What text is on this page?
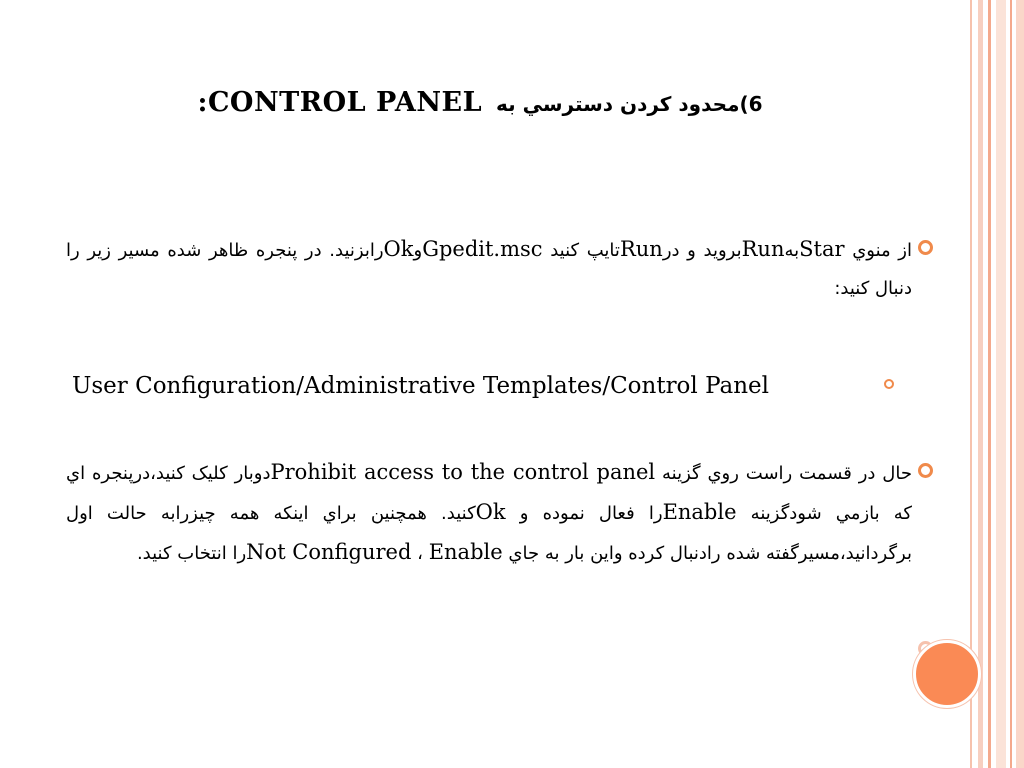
6)محدود كردن دسترسي به  CONTROL PANEL:
از منوي StarبهRunبروید و درRunتایپ کنید Gpedit.mscوOkرابزنید. در پنجره ظاهر شده مسیر زیر را دنبال کنید:
User Configuration/Administrative Templates/Control Panel
حال در قسمت راست روي گزينه Prohibit access to the control panelدوبار كليک كنيد،درپنجره اي كه بازمي شودگزينه Enableرا فعال نموده و Okکنید. همچنین براي اينكه همه چيزرابه حالت اول برگردانيد،مسيرگفته شده رادنبال كرده واين بار به جاي Enable ، Not Configuredرا انتخاب كنيد.
